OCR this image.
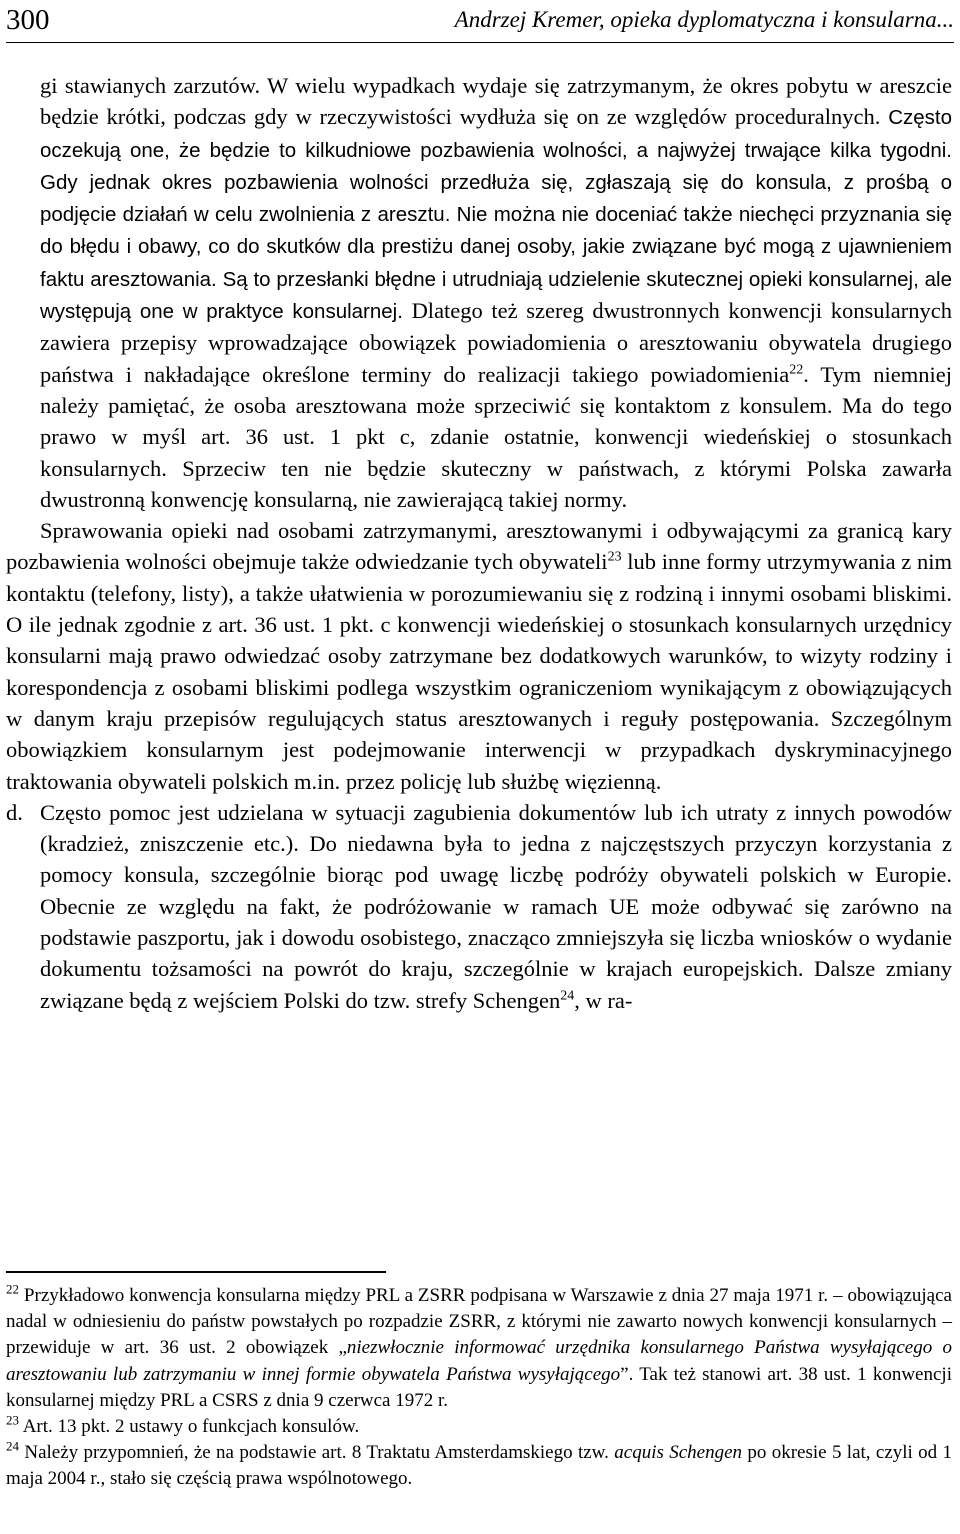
300	Andrzej Kremer, opieka dyplomatyczna i konsularna...

gi stawianych zarzutów. W wielu wypadkach wydaje się zatrzymanym, że okres pobytu w areszcie będzie krótki, podczas gdy w rzeczywistości wydłuża się on ze względów proceduralnych. Często oczekują one, że będzie to kilkudniowe pozbawienia wolności, a najwyżej trwające kilka tygodni. Gdy jednak okres pozbawienia wolności przedłuża się, zgłaszają się do konsula, z prośbą o podjęcie działań w celu zwolnienia z aresztu. Nie można nie doceniać także niechęci przyznania się do błędu i obawy, co do skutków dla prestiżu danej osoby, jakie związane być mogą z ujawnieniem faktu aresztowania. Są to przesłanki błędne i utrudniają udzielenie skutecznej opieki konsularnej, ale występują one w praktyce konsularnej. Dlatego też szereg dwustronnych konwencji konsularnych zawiera przepisy wprowadzające obowiązek powiadomienia o aresztowaniu obywatela drugiego państwa i nakładające określone terminy do realizacji takiego powiadomienia$^{22}$. Tym niemniej należy pamiętać, że osoba aresztowana może sprzeciwić się kontaktom z konsulem. Ma do tego prawo w myśl art. 36 ust. 1 pkt c, zdanie ostatnie, konwencji wiedeńskiej o stosunkach konsularnych. Sprzeciw ten nie będzie skuteczny w państwach, z którymi Polska zawarła dwustronną konwencję konsularną, nie zawierającą takiej normy.

Sprawowania opieki nad osobami zatrzymanymi, aresztowanymi i odbywającymi za granicą kary pozbawienia wolności obejmuje także odwiedzanie tych obywateli$^{23}$ lub inne formy utrzymywania z nim kontaktu (telefony, listy), a także ułatwienia w porozumiewaniu się z rodziną i innymi osobami bliskimi. O ile jednak zgodnie z art. 36 ust. 1 pkt. c konwencji wiedeńskiej o stosunkach konsularnych urzędnicy konsularni mają prawo odwiedzać osoby zatrzymane bez dodatkowych warunków, to wizyty rodziny i korespondencja z osobami bliskimi podlega wszystkim ograniczeniom wynikającym z obowiązujących w danym kraju przepisów regulujących status aresztowanych i reguły postępowania. Szczególnym obowiązkiem konsularnym jest podejmowanie interwencji w przypadkach dyskryminacyjnego traktowania obywateli polskich m.in. przez policję lub służbę więzienną.

d. Często pomoc jest udzielana w sytuacji zagubienia dokumentów lub ich utraty z innych powodów (kradzież, zniszczenie etc.). Do niedawna była to jedna z najczęstszych przyczyn korzystania z pomocy konsula, szczególnie biorąc pod uwagę liczbę podróży obywateli polskich w Europie. Obecnie ze względu na fakt, że podróżowanie w ramach UE może odbywać się zarówno na podstawie paszportu, jak i dowodu osobistego, znacząco zmniejszyła się liczba wniosków o wydanie dokumentu tożsamości na powrót do kraju, szczególnie w krajach europejskich. Dalsze zmiany związane będą z wejściem Polski do tzw. strefy Schengen$^{24}$, w ra-

$^{22}$ Przykładowo konwencja konsularna między PRL a ZSRR podpisana w Warszawie z dnia 27 maja 1971 r. – obowiązująca nadal w odniesieniu do państw powstałych po rozpadzie ZSRR, z którymi nie zawarto nowych konwencji konsularnych – przewiduje w art. 36 ust. 2 obowiązek „niezwłocznie informować urzędnika konsularnego Państwa wysyłającego o aresztowaniu lub zatrzymaniu w innej formie obywatela Państwa wysyłającego”. Tak też stanowi art. 38 ust. 1 konwencji konsularnej między PRL a CSRS z dnia 9 czerwca 1972 r.

$^{23}$ Art. 13 pkt. 2 ustawy o funkcjach konsulów.

$^{24}$ Należy przypomnień, że na podstawie art. 8 Traktatu Amsterdamskiego tzw. acquis Schengen po okresie 5 lat, czyli od 1 maja 2004 r., stało się częścią prawa wspólnotowego.
